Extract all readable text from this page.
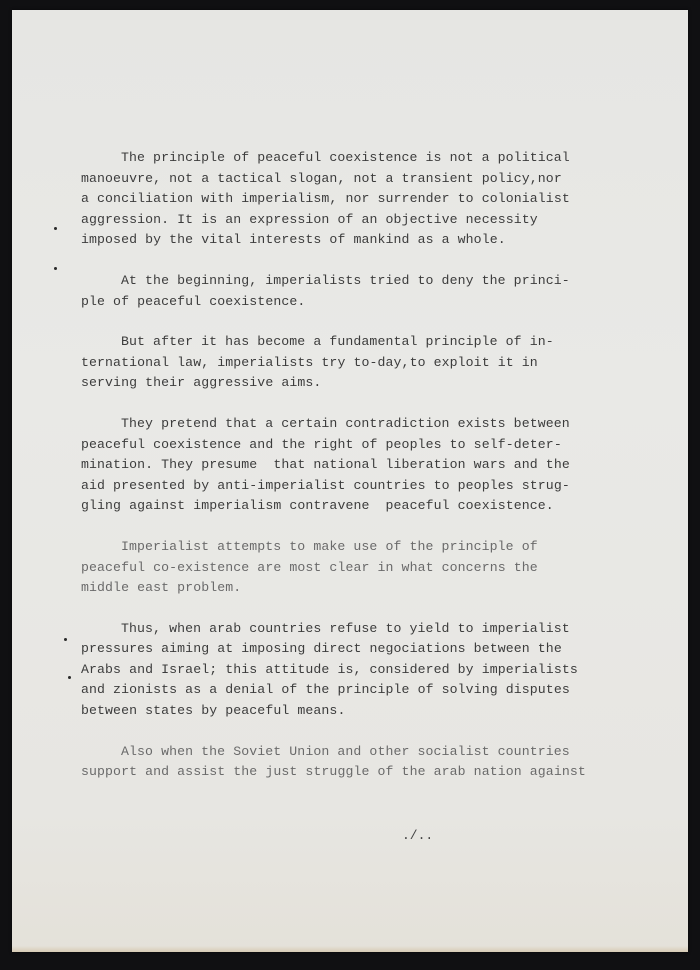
The principle of peaceful coexistence is not a political
manoeuvre, not a tactical slogan, not a transient policy,nor
a conciliation with imperialism, nor surrender to colonialist
aggression. It is an expression of an objective necessity
imposed by the vital interests of mankind as a whole.

At the beginning, imperialists tried to deny the princi-
ple of peaceful coexistence.

But after it has become a fundamental principle of in-
ternational law, imperialists try to-day,to exploit it in
serving their aggressive aims.

They pretend that a certain contradiction exists between
peaceful coexistence and the right of peoples to self-deter-
mination. They presume  that national liberation wars and the
aid presented by anti-imperialist countries to peoples strug-
gling against imperialism contravene  peaceful coexistence.

Imperialist attempts to make use of the principle of
peaceful co-existence are most clear in what concerns the
middle east problem.

Thus, when arab countries refuse to yield to imperialist
pressures aiming at imposing direct negociations between the
Arabs and Israel; this attitude is, considered by imperialists
and zionists as a denial of the principle of solving disputes
between states by peaceful means.

Also when the Soviet Union and other socialist countries
support and assist the just struggle of the arab nation against

./..
